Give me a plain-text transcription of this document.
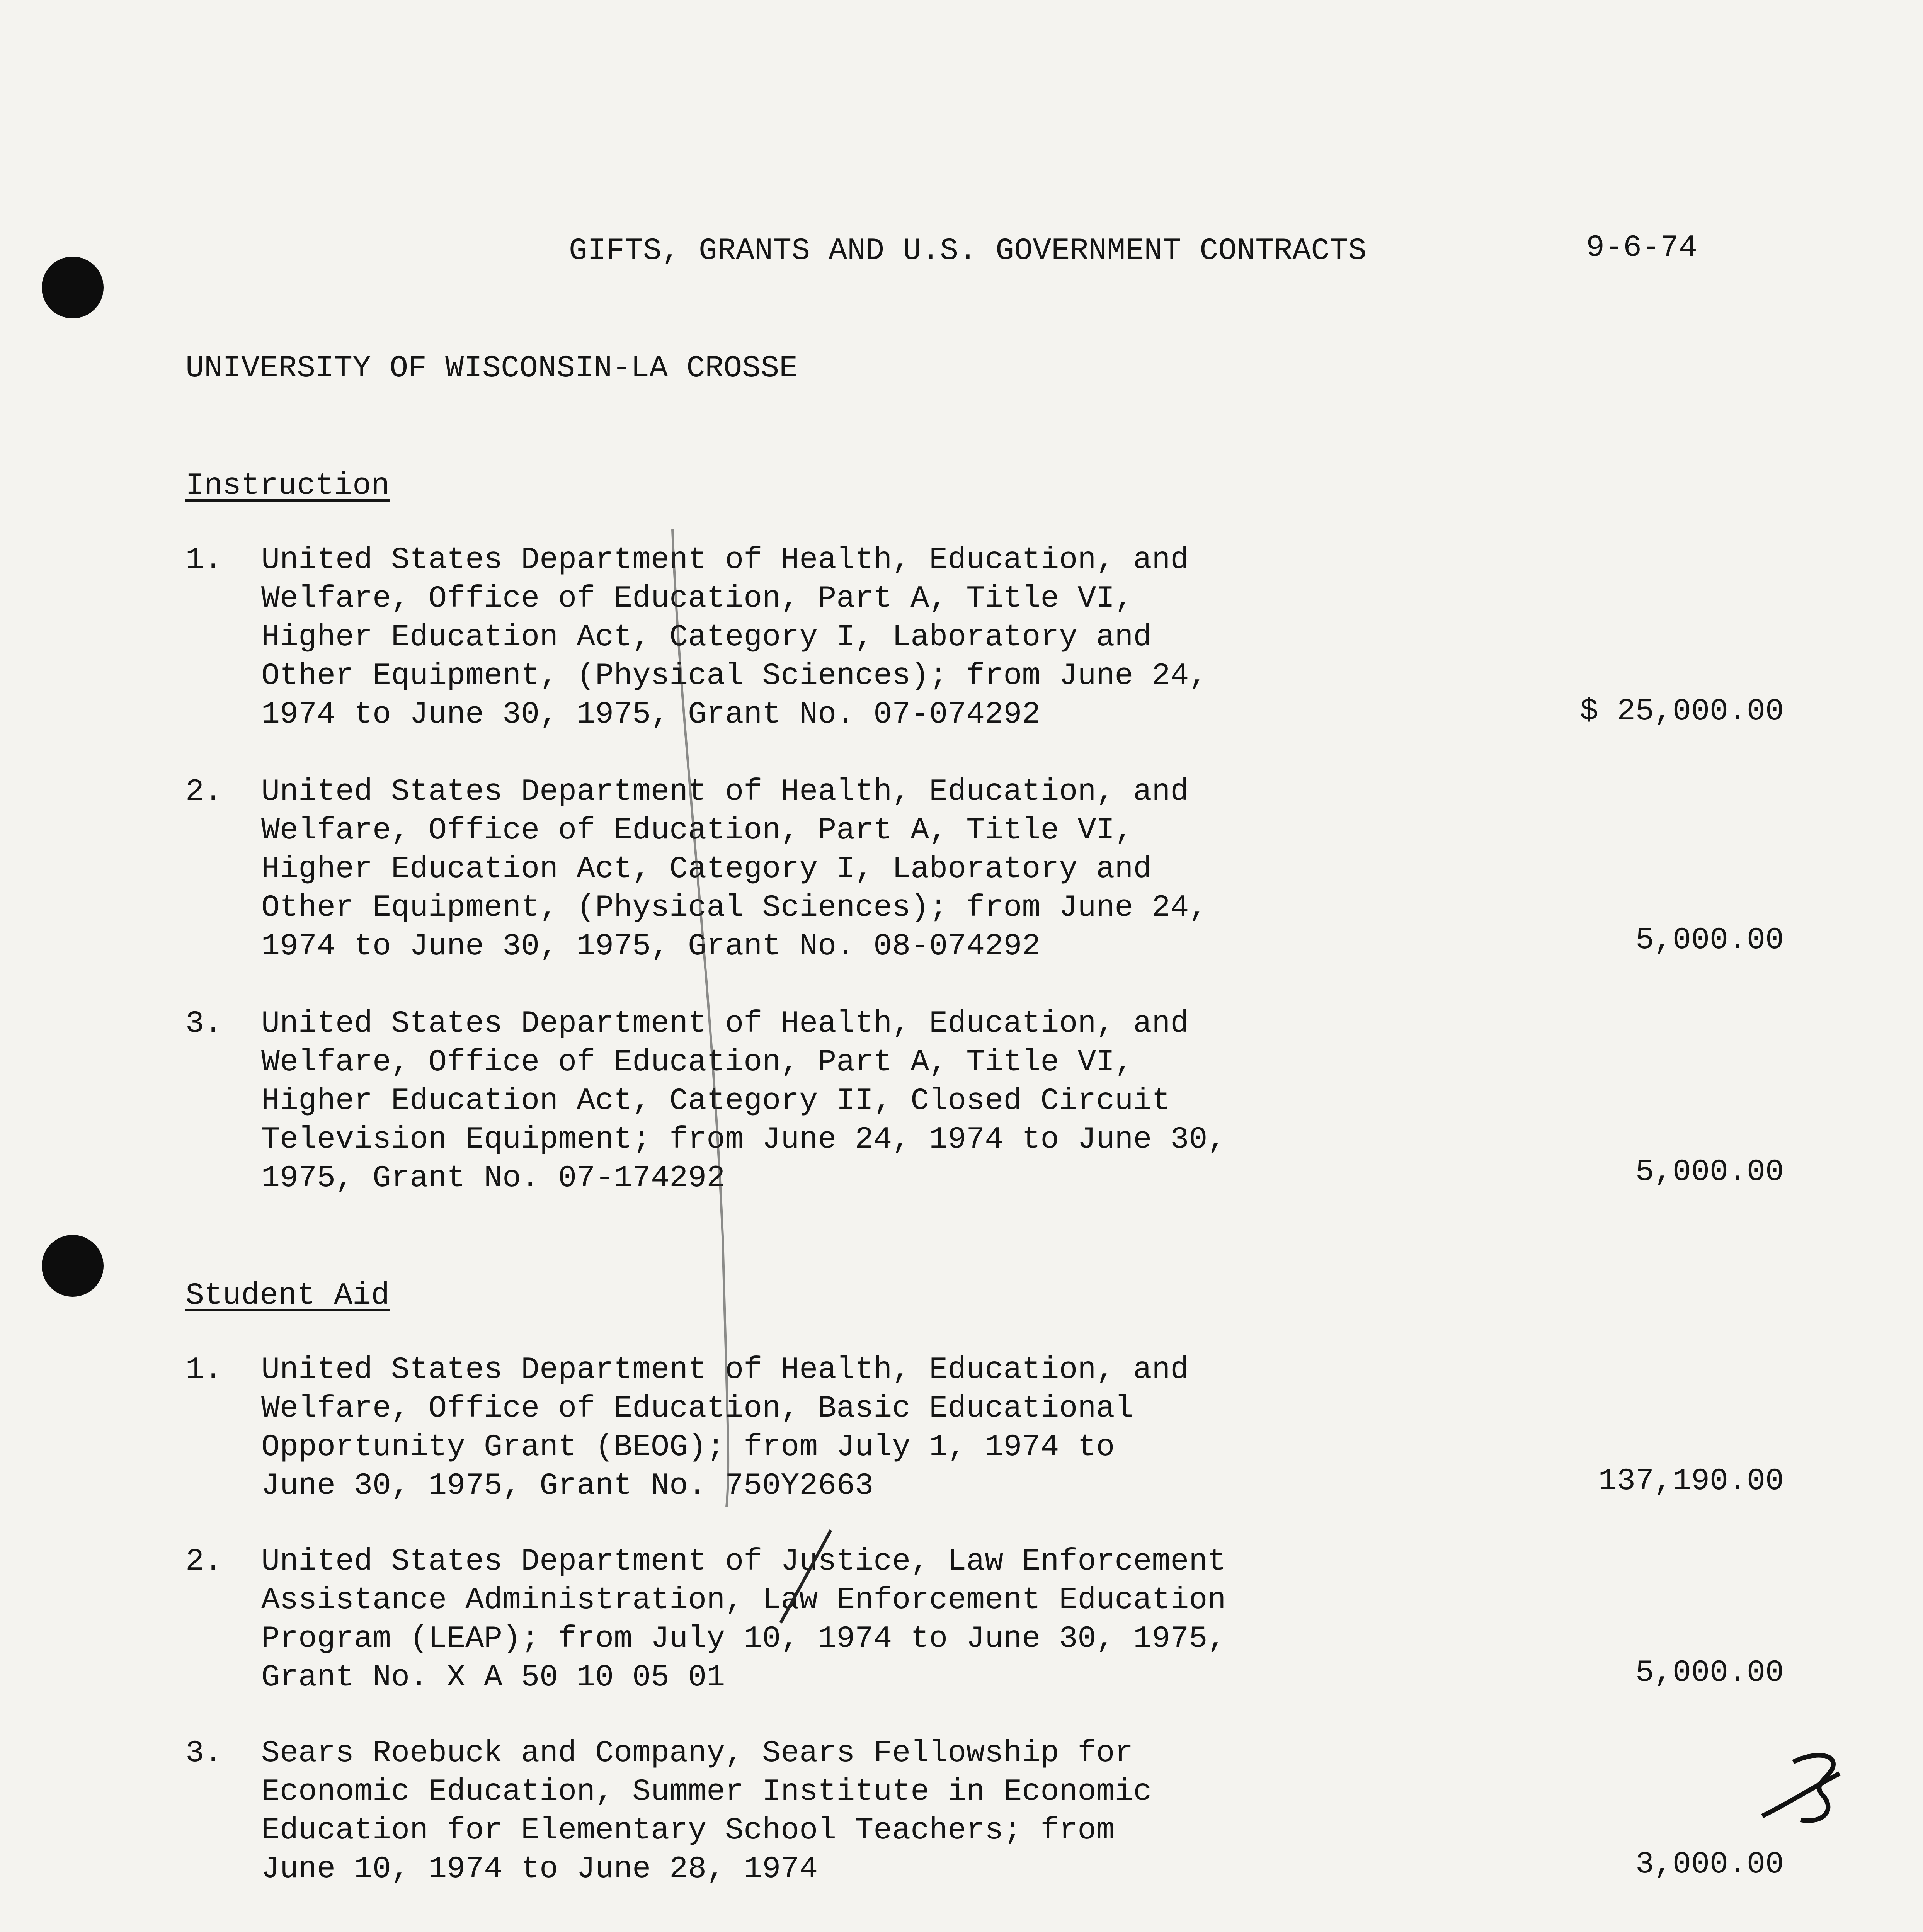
GIFTS, GRANTS AND U.S. GOVERNMENT CONTRACTS	9-6-74
UNIVERSITY OF WISCONSIN-LA CROSSE
Instruction
1. United States Department of Health, Education, and
Welfare, Office of Education, Part A, Title VI,
Higher Education Act, Category I, Laboratory and
Other Equipment, (Physical Sciences); from June 24,
1974 to June 30, 1975, Grant No. 07-074292	$ 25,000.00
2. United States Department of Health, Education, and
Welfare, Office of Education, Part A, Title VI,
Higher Education Act, Category I, Laboratory and
Other Equipment, (Physical Sciences); from June 24,
1974 to June 30, 1975, Grant No. 08-074292	5,000.00
3. United States Department of Health, Education, and
Welfare, Office of Education, Part A, Title VI,
Higher Education Act, Category II, Closed Circuit
Television Equipment; from June 24, 1974 to June 30,
1975, Grant No. 07-174292	5,000.00
Student Aid
1. United States Department of Health, Education, and
Welfare, Office of Education, Basic Educational
Opportunity Grant (BEOG); from July 1, 1974 to
June 30, 1975, Grant No. 750Y2663	137,190.00
2. United States Department of Justice, Law Enforcement
Assistance Administration, Law Enforcement Education
Program (LEAP); from July 10, 1974 to June 30, 1975,
Grant No. X A 50 10 05 01	5,000.00
3. Sears Roebuck and Company, Sears Fellowship for
Economic Education, Summer Institute in Economic
Education for Elementary School Teachers; from
June 10, 1974 to June 28, 1974	3,000.00
